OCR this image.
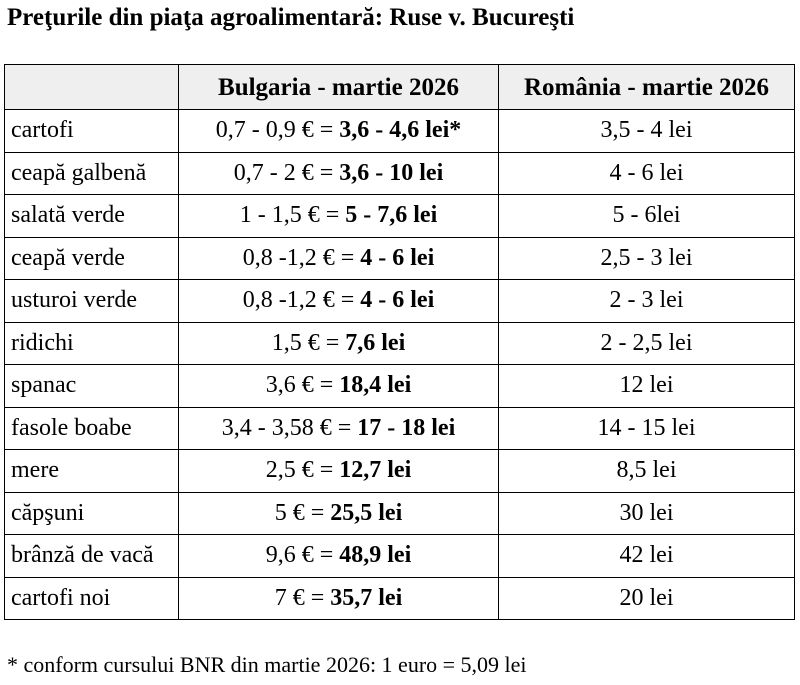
Preţurile din piaţa agroalimentară: Ruse v. Bucureşti
	Bulgaria - martie 2026	România - martie 2026
cartofi	0,7 - 0,9 € = 3,6 - 4,6 lei*	3,5 - 4 lei
ceapă galbenă	0,7 - 2 € = 3,6 - 10 lei	4 - 6 lei
salată verde	1 - 1,5 € = 5 - 7,6 lei	5 - 6lei
ceapă verde	0,8 -1,2 € = 4 - 6 lei	2,5 - 3 lei
usturoi verde	0,8 -1,2 € = 4 - 6 lei	2 - 3 lei
ridichi	1,5 € = 7,6 lei	2 - 2,5 lei
spanac	3,6 € = 18,4 lei	12 lei
fasole boabe	3,4 - 3,58 € = 17 - 18 lei	14 - 15 lei
mere	2,5 € = 12,7 lei	8,5 lei
căpşuni	5 € = 25,5 lei	30 lei
brânză de vacă	9,6 € = 48,9 lei	42 lei
cartofi noi	7 € = 35,7 lei	20 lei
* conform cursului BNR din martie 2026: 1 euro = 5,09 lei
